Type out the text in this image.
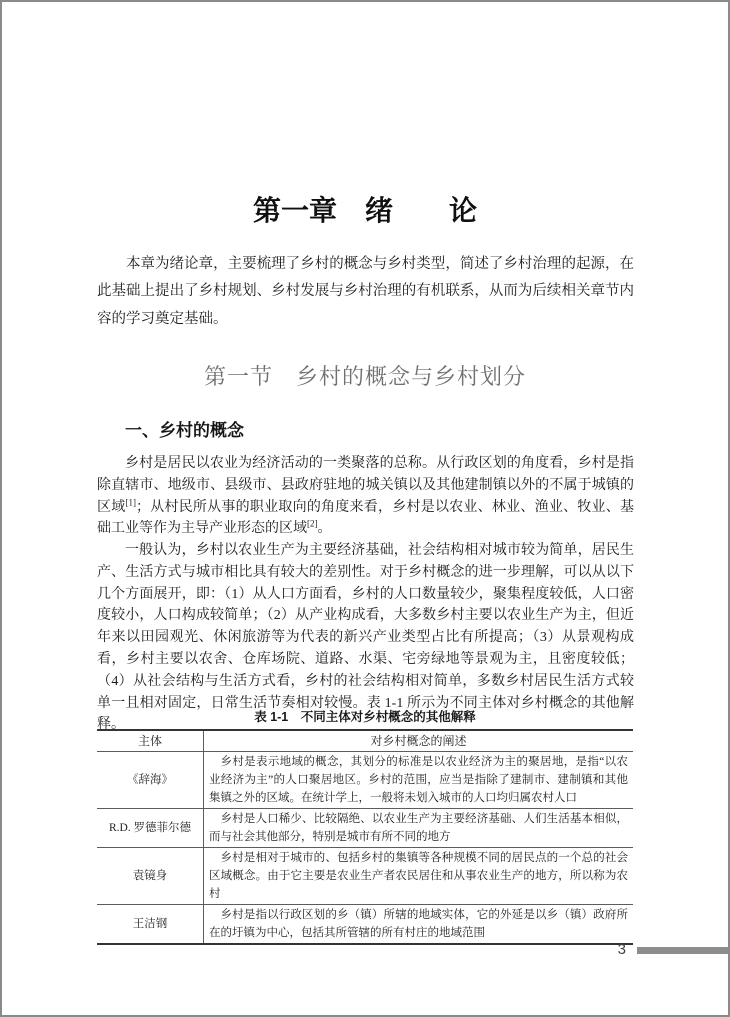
第一章　绪　　论

本章为绪论章，主要梳理了乡村的概念与乡村类型，简述了乡村治理的起源，在此基础上提出了乡村规划、乡村发展与乡村治理的有机联系，从而为后续相关章节内容的学习奠定基础。

第一节　乡村的概念与乡村划分
一、乡村的概念

乡村是居民以农业为经济活动的一类聚落的总称。从行政区划的角度看，乡村是指除直辖市、地级市、县级市、县政府驻地的城关镇以及其他建制镇以外的不属于城镇的区域[1]；从村民所从事的职业取向的角度来看，乡村是以农业、林业、渔业、牧业、基础工业等作为主导产业形态的区域[2]。

一般认为，乡村以农业生产为主要经济基础，社会结构相对城市较为简单，居民生产、生活方式与城市相比具有较大的差别性。对于乡村概念的进一步理解，可以从以下几个方面展开，即：（1）从人口方面看，乡村的人口数量较少，聚集程度较低，人口密度较小，人口构成较简单；（2）从产业构成看，大多数乡村主要以农业生产为主，但近年来以田园观光、休闲旅游等为代表的新兴产业类型占比有所提高；（3）从景观构成看，乡村主要以农舍、仓库场院、道路、水渠、宅旁绿地等景观为主，且密度较低；（4）从社会结构与生活方式看，乡村的社会结构相对简单，多数乡村居民生活方式较单一且相对固定，日常生活节奏相对较慢。表 1-1 所示为不同主体对乡村概念的其他解释。

表 1-1　不同主体对乡村概念的其他解释
主体	对乡村概念的阐述
《辞海》	乡村是表示地域的概念，其划分的标准是以农业经济为主的聚居地，是指“以农业经济为主”的人口聚居地区。乡村的范围，应当是指除了建制市、建制镇和其他集镇之外的区域。在统计学上，一般将未划入城市的人口均归属农村人口
R.D. 罗德菲尔德	乡村是人口稀少、比较隔绝、以农业生产为主要经济基础、人们生活基本相似，而与社会其他部分，特别是城市有所不同的地方
袁镜身	乡村是相对于城市的、包括乡村的集镇等各种规模不同的居民点的一个总的社会区域概念。由于它主要是农业生产者农民居住和从事农业生产的地方，所以称为农村
王洁钢	乡村是指以行政区划的乡（镇）所辖的地域实体，它的外延是以乡（镇）政府所在的圩镇为中心，包括其所管辖的所有村庄的地域范围
3
